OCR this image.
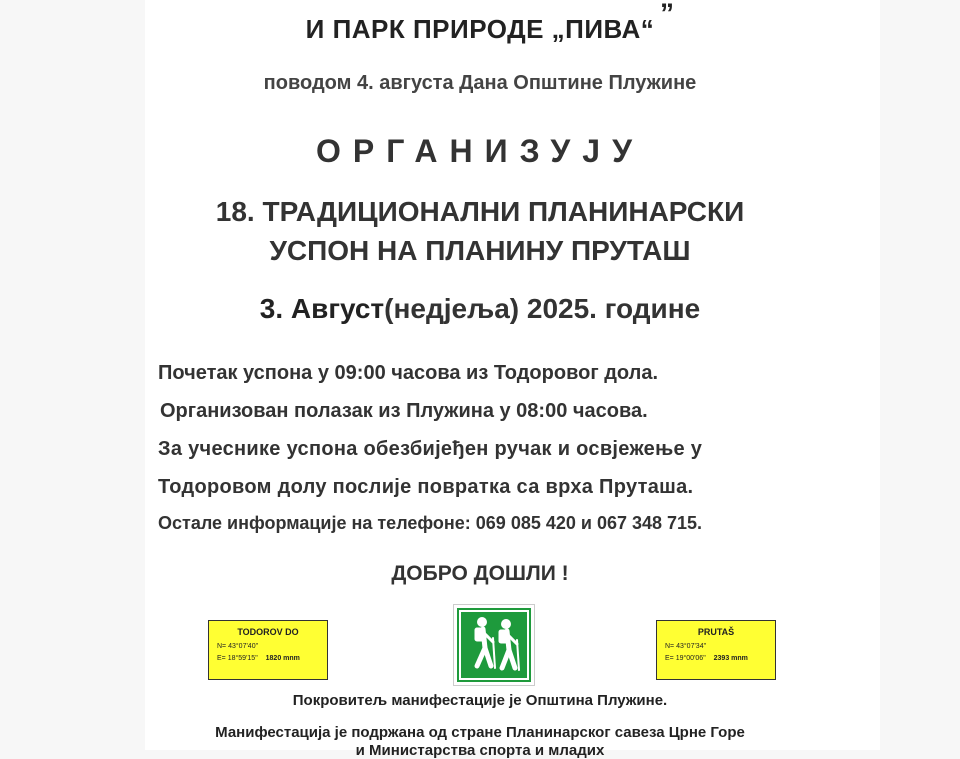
И ПАРК ПРИРОДЕ „ПИВА“
поводом 4. августа Дана Општине Плужине
ОРГАНИЗУЈУ
18. ТРАДИЦИОНАЛНИ ПЛАНИНАРСКИ
УСПОН НА ПЛАНИНУ ПРУТАШ
3. Август(недјеља) 2025. године
Почетак успона у 09:00 часова из Тодоровог дола.
Организован полазак из Плужина у 08:00 часова.
За учеснике успона обезбијеђен ручак и освјежење у
Тодоровом долу послије повратка са врха Пруташа.
Остале информације на телефоне: 069 085 420 и 067 348 715.
ДОБРО ДОШЛИ !
TODOROV DO
N= 43°07'40"
E= 18°59'15" 1820 mnm
PRUTAŠ
N= 43°07'34"
E= 19°00'06" 2393 mnm
Покровитељ манифестације је Општина Плужине.
Манифестација је подржана од стране Планинарског савеза Црне Горе
и Министарства спорта и младих
